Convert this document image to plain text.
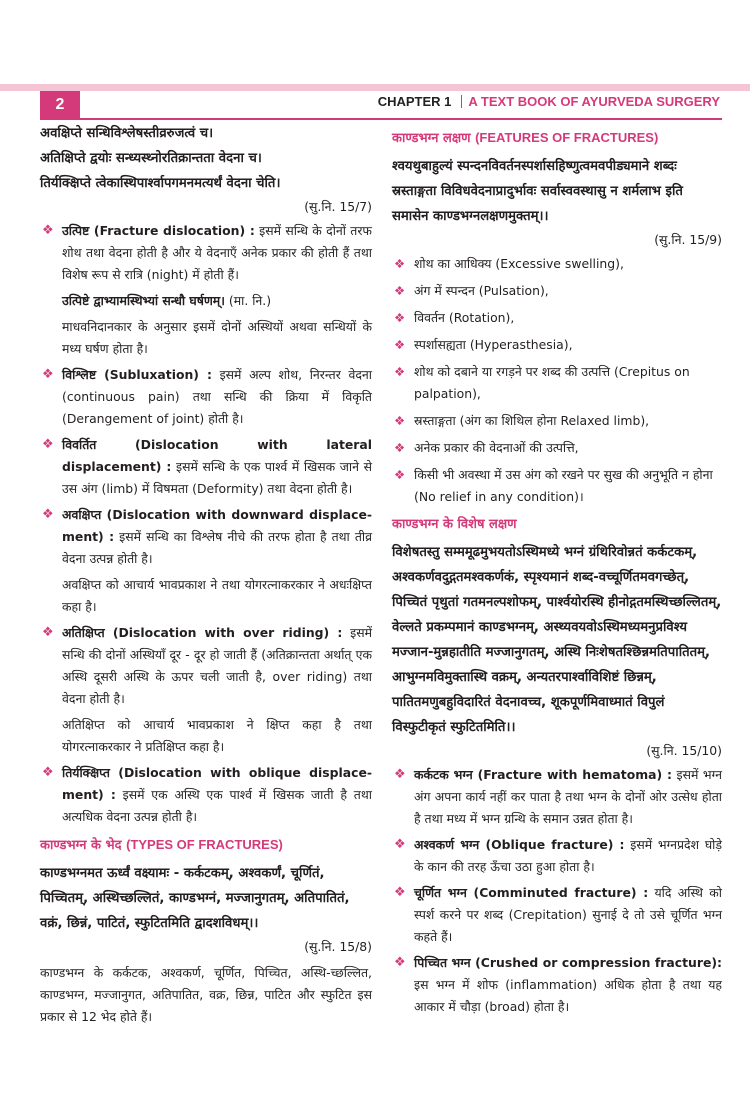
2	CHAPTER 1 A TEXT BOOK OF AYURVEDA SURGERY

अवक्षिप्ते सन्धिविश्लेषस्तीव्ररुजत्वं च।

अतिक्षिप्ते द्वयोः सन्ध्यस्थ्नोरतिक्रान्तता वेदना च।

तिर्यक्क्षिप्ते त्वेकास्थिपार्श्वापगमनमत्यर्थं वेदना चेति।

(सु.नि. 15/7)

❖ उत्पिष्ट (Fracture dislocation) : इसमें सन्धि के दोनों तरफ शोथ तथा वेदना होती है और ये वेदनाएँ अनेक प्रकार की होती हैं तथा विशेष रूप से रात्रि (night) में होती हैं।

उत्पिष्टे द्वाभ्यामस्थिभ्यां सन्धौ घर्षणम्। (मा. नि.)

माधवनिदानकार के अनुसार इसमें दोनों अस्थियों अथवा सन्धियों के मध्य घर्षण होता है।

❖ विश्लिष्ट (Subluxation) : इसमें अल्प शोथ, निरन्तर वेदना (continuous pain) तथा सन्धि की क्रिया में विकृति (Derangement of joint) होती है।
❖ विवर्तित (Dislocation with lateral displacement) : इसमें सन्धि के एक पार्श्व में खिसक जाने से उस अंग (limb) में विषमता (Deformity) तथा वेदना होती है।
❖ अवक्षिप्त (Dislocation with downward displace-ment) : इसमें सन्धि का विश्लेष नीचे की तरफ होता है तथा तीव्र वेदना उत्पन्न होती है।

अवक्षिप्त को आचार्य भावप्रकाश ने तथा योगरत्नाकरकार ने अधःक्षिप्त कहा है।

❖ अतिक्षिप्त (Dislocation with over riding) : इसमें सन्धि की दोनों अस्थियाँ दूर - दूर हो जाती हैं (अतिक्रान्तता अर्थात् एक अस्थि दूसरी अस्थि के ऊपर चली जाती है, over riding) तथा वेदना होती है।

अतिक्षिप्त को आचार्य भावप्रकाश ने क्षिप्त कहा है तथा योगरत्नाकरकार ने प्रतिक्षिप्त कहा है।

❖ तिर्यक्क्षिप्त (Dislocation with oblique displace-ment) : इसमें एक अस्थि एक पार्श्व में खिसक जाती है तथा अत्यधिक वेदना उत्पन्न होती है।
काण्डभग्न के भेद (TYPES OF FRACTURES)

काण्डभग्नमत ऊर्ध्वं वक्ष्यामः - कर्कटकम्, अश्वकर्णं, चूर्णितं, पिच्चितम्, अस्थिच्छल्लितं, काण्डभग्नं, मज्जानुगतम्, अतिपातितं, वक्रं, छिन्नं, पाटितं, स्फुटितमिति द्वादशविधम्।।

(सु.नि. 15/8)

काण्डभग्न के कर्कटक, अश्वकर्ण, चूर्णित, पिच्चित, अस्थि-च्छल्लित, काण्डभग्न, मज्जानुगत, अतिपातित, वक्र, छिन्न, पाटित और स्फुटित इस प्रकार से 12 भेद होते हैं।

काण्डभग्न लक्षण (FEATURES OF FRACTURES)

श्वयथुबाहुल्यं स्पन्दनविवर्तनस्पर्शासहिष्णुत्वमवपीड्यमाने शब्दः स्रस्ताङ्गता विविधवेदनाप्रादुर्भावः सर्वास्ववस्थासु न शर्मलाभ इति समासेन काण्डभग्नलक्षणमुक्तम्।।

(सु.नि. 15/9)

❖ शोथ का आधिक्य (Excessive swelling),
❖ अंग में स्पन्दन (Pulsation),
❖ विवर्तन (Rotation),
❖ स्पर्शासह्यता (Hyperasthesia),
❖ शोथ को दबाने या रगड़ने पर शब्द की उत्पत्ति (Crepitus on palpation),
❖ स्रस्ताङ्गता (अंग का शिथिल होना Relaxed limb),
❖ अनेक प्रकार की वेदनाओं की उत्पत्ति,
❖ किसी भी अवस्था में उस अंग को रखने पर सुख की अनुभूति न होना (No relief in any condition)।
काण्डभग्न के विशेष लक्षण

विशेषतस्तु सम्ममूढमुभयतोऽस्थिमध्ये भग्नं ग्रंथिरिवोन्नतं कर्कटकम्, अश्वकर्णवदुद्गतमश्वकर्णकं, स्पृश्यमानं शब्द-वच्चूर्णितमवगच्छेत्, पिच्चितं पृथुतां गतमनल्पशोफम्, पार्श्वयोरस्थि हीनोद्गतमस्थिच्छल्लितम्, वेल्लते प्रकम्पमानं काण्डभग्नम्, अस्थ्यवयवोऽस्थिमध्यमनुप्रविश्य मज्जान-मुन्नहातीति मज्जानुगतम्, अस्थि निःशेषतश्छिन्नमतिपातितम्, आभुग्नमविमुक्तास्थि वक्रम्, अन्यतरपार्श्वाविशिष्टं छिन्नम्, पातितमणुबहुविदारितं वेदनावच्च, शूकपूर्णमिवाध्मातं विपुलं विस्फुटीकृतं स्फुटितमिति।।

(सु.नि. 15/10)

❖ कर्कटक भग्न (Fracture with hematoma) : इसमें भग्न अंग अपना कार्य नहीं कर पाता है तथा भग्न के दोनों ओर उत्सेध होता है तथा मध्य में भग्न ग्रन्थि के समान उन्नत होता है।
❖ अश्वकर्ण भग्न (Oblique fracture) : इसमें भग्नप्रदेश घोड़े के कान की तरह ऊँचा उठा हुआ होता है।
❖ चूर्णित भग्न (Comminuted fracture) : यदि अस्थि को स्पर्श करने पर शब्द (Crepitation) सुनाई दे तो उसे चूर्णित भग्न कहते हैं।
❖ पिच्चित भग्न (Crushed or compression fracture): इस भग्न में शोफ (inflammation) अधिक होता है तथा यह आकार में चौड़ा (broad) होता है।
